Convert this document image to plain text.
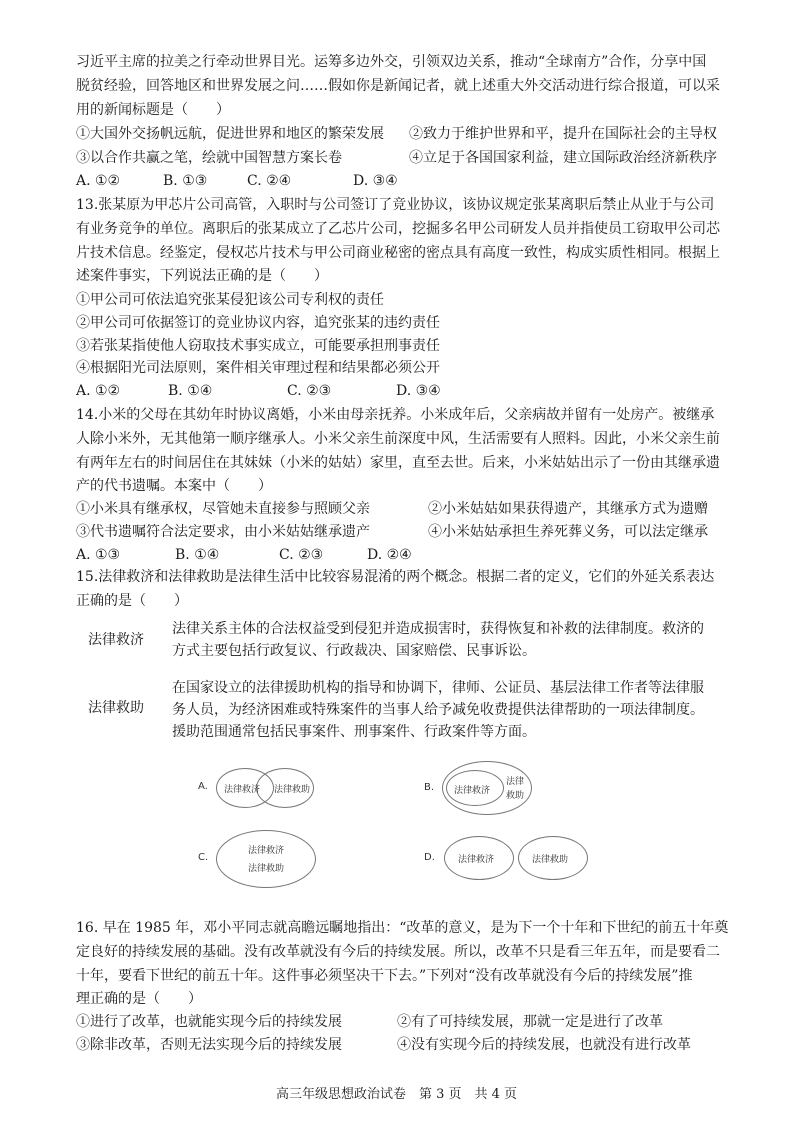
习近平主席的拉美之行牵动世界目光。运筹多边外交，引领双边关系，推动“全球南方”合作，分享中国
脱贫经验，回答地区和世界发展之问……假如你是新闻记者，就上述重大外交活动进行综合报道，可以采
用的新闻标题是（　　）
①大国外交扬帆远航，促进世界和地区的繁荣发展 ②致力于维护世界和平，提升在国际社会的主导权
③以合作共赢之笔，绘就中国智慧方案长卷	④立足于各国国家利益，建立国际政治经济新秩序
A. ①②	B. ①③	C. ②④	D. ③④
13.张某原为甲芯片公司高管，入职时与公司签订了竞业协议，该协议规定张某离职后禁止从业于与公司
有业务竞争的单位。离职后的张某成立了乙芯片公司，挖掘多名甲公司研发人员并指使员工窃取甲公司芯
片技术信息。经鉴定，侵权芯片技术与甲公司商业秘密的密点具有高度一致性，构成实质性相同。根据上
述案件事实，下列说法正确的是（　　）
①甲公司可依法追究张某侵犯该公司专利权的责任
②甲公司可依据签订的竞业协议内容，追究张某的违约责任
③若张某指使他人窃取技术事实成立，可能要承担刑事责任
④根据阳光司法原则，案件相关审理过程和结果都必须公开
A. ①②	B. ①④	C. ②③	D. ③④
14.小米的父母在其幼年时协议离婚，小米由母亲抚养。小米成年后，父亲病故并留有一处房产。被继承
人除小米外，无其他第一顺序继承人。小米父亲生前深度中风，生活需要有人照料。因此，小米父亲生前
有两年左右的时间居住在其妹妹（小米的姑姑）家里，直至去世。后来，小米姑姑出示了一份由其继承遗
产的代书遗嘱。本案中（　　）
①小米具有继承权，尽管她未直接参与照顾父亲	②小米姑姑如果获得遗产，其继承方式为遗赠
③代书遗嘱符合法定要求，由小米姑姑继承遗产	④小米姑姑承担生养死葬义务，可以法定继承
A. ①③	B. ①④	C. ②③	D. ②④
15.法律救济和法律救助是法律生活中比较容易混淆的两个概念。根据二者的定义，它们的外延关系表达
正确的是（　　）
法律救济
法律关系主体的合法权益受到侵犯并造成损害时，获得恢复和补救的法律制度。救济的
方式主要包括行政复议、行政裁决、国家赔偿、民事诉讼。
法律救助
在国家设立的法律援助机构的指导和协调下，律师、公证员、基层法律工作者等法律服
务人员，为经济困难或特殊案件的当事人给予减免收费提供法律帮助的一项法律制度。
援助范围通常包括民事案件、刑事案件、行政案件等方面。
A. 法律救济 法律救助	B. 法律救济
法律
救助
C.
法律救济
法律救助
D.	法律救济	法律救助
16. 早在 1985 年，邓小平同志就高瞻远瞩地指出：“改革的意义，是为下一个十年和下世纪的前五十年奠
定良好的持续发展的基础。没有改革就没有今后的持续发展。所以，改革不只是看三年五年，而是要看二
十年，要看下世纪的前五十年。这件事必须坚决干下去。”下列对“没有改革就没有今后的持续发展”推
理正确的是（　　）
①进行了改革，也就能实现今后的持续发展	②有了可持续发展，那就一定是进行了改革
③除非改革，否则无法实现今后的持续发展	④没有实现今后的持续发展，也就没有进行改革
高三年级思想政治试卷　第 3 页　共 4 页
